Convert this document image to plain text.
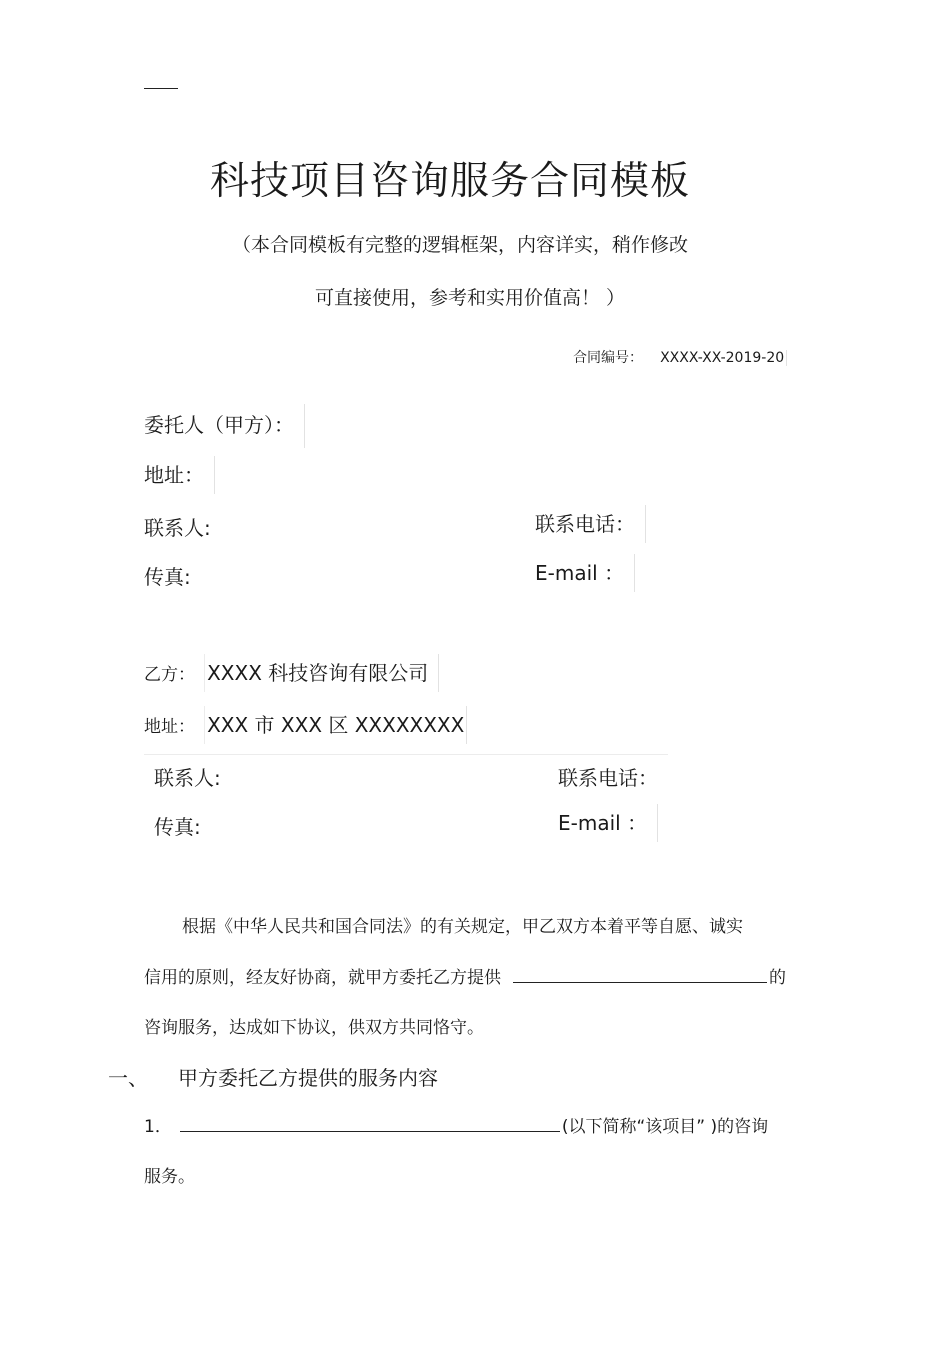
科技项目咨询服务合同模板
（本合同模板有完整的逻辑框架，内容详实，稍作修改
可直接使用，参考和实用价值高！ ）
合同编号： XXXX-XX-2019-20
委托人（甲方）：
地址：
联系人:	联系电话：
传真:	E-mail ：
乙方： XXXX 科技咨询有限公司
地址： XXX 市 XXX 区 XXXXXXXX
联系人:	联系电话：
传真:	E-mail ：
根据《中华人民共和国合同法》的有关规定，甲乙双方本着平等自愿、诚实
信用的原则，经友好协商，就甲方委托乙方提供	的
咨询服务，达成如下协议，供双方共同恪守。
一、 甲方委托乙方提供的服务内容
1．	(以下简称“该项目” )的咨询
服务。
